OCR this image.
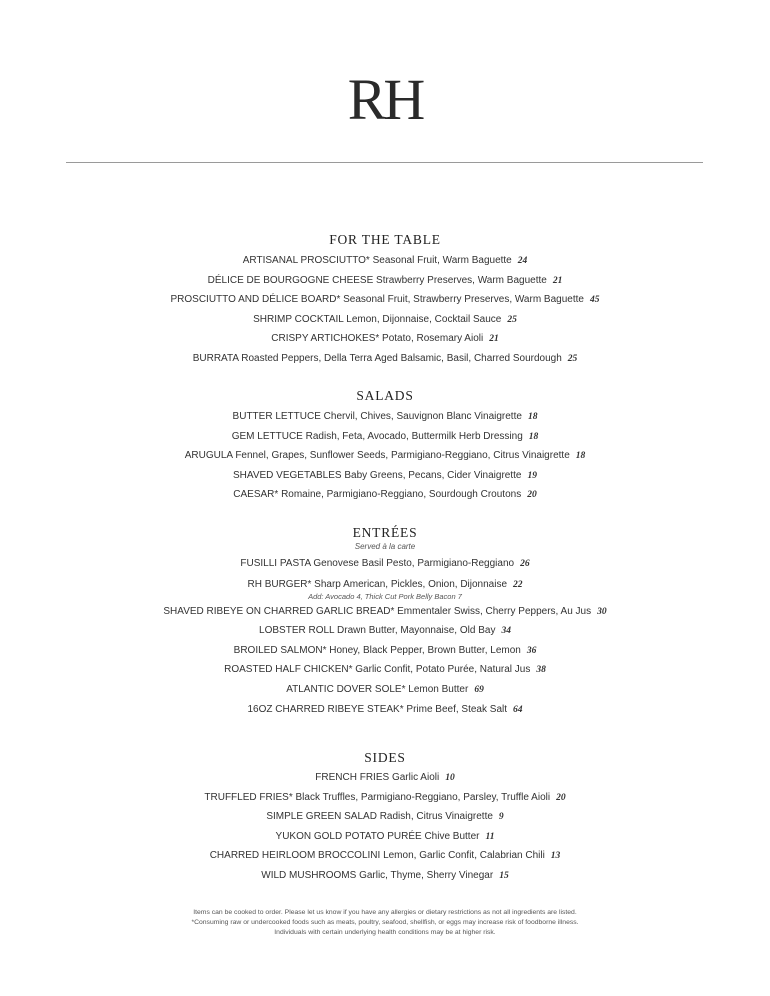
RH
FOR THE TABLE
ARTISANAL PROSCIUTTO* Seasonal Fruit, Warm Baguette 24
DÉLICE DE BOURGOGNE CHEESE Strawberry Preserves, Warm Baguette 21
PROSCIUTTO AND DÉLICE BOARD* Seasonal Fruit, Strawberry Preserves, Warm Baguette 45
SHRIMP COCKTAIL Lemon, Dijonnaise, Cocktail Sauce 25
CRISPY ARTICHOKES* Potato, Rosemary Aioli 21
BURRATA Roasted Peppers, Della Terra Aged Balsamic, Basil, Charred Sourdough 25
SALADS
BUTTER LETTUCE Chervil, Chives, Sauvignon Blanc Vinaigrette 18
GEM LETTUCE Radish, Feta, Avocado, Buttermilk Herb Dressing 18
ARUGULA Fennel, Grapes, Sunflower Seeds, Parmigiano-Reggiano, Citrus Vinaigrette 18
SHAVED VEGETABLES Baby Greens, Pecans, Cider Vinaigrette 19
CAESAR* Romaine, Parmigiano-Reggiano, Sourdough Croutons 20
ENTRÉES
Served à la carte
FUSILLI PASTA Genovese Basil Pesto, Parmigiano-Reggiano 26
RH BURGER* Sharp American, Pickles, Onion, Dijonnaise 22
Add: Avocado 4, Thick Cut Pork Belly Bacon 7
SHAVED RIBEYE ON CHARRED GARLIC BREAD* Emmentaler Swiss, Cherry Peppers, Au Jus 30
LOBSTER ROLL Drawn Butter, Mayonnaise, Old Bay 34
BROILED SALMON* Honey, Black Pepper, Brown Butter, Lemon 36
ROASTED HALF CHICKEN* Garlic Confit, Potato Purée, Natural Jus 38
ATLANTIC DOVER SOLE* Lemon Butter 69
16OZ CHARRED RIBEYE STEAK* Prime Beef, Steak Salt 64
SIDES
FRENCH FRIES Garlic Aioli 10
TRUFFLED FRIES* Black Truffles, Parmigiano-Reggiano, Parsley, Truffle Aioli 20
SIMPLE GREEN SALAD Radish, Citrus Vinaigrette 9
YUKON GOLD POTATO PURÉE Chive Butter 11
CHARRED HEIRLOOM BROCCOLINI Lemon, Garlic Confit, Calabrian Chili 13
WILD MUSHROOMS Garlic, Thyme, Sherry Vinegar 15
Items can be cooked to order. Please let us know if you have any allergies or dietary restrictions as not all ingredients are listed.
*Consuming raw or undercooked foods such as meats, poultry, seafood, shellfish, or eggs may increase risk of foodborne illness.
Individuals with certain underlying health conditions may be at higher risk.
